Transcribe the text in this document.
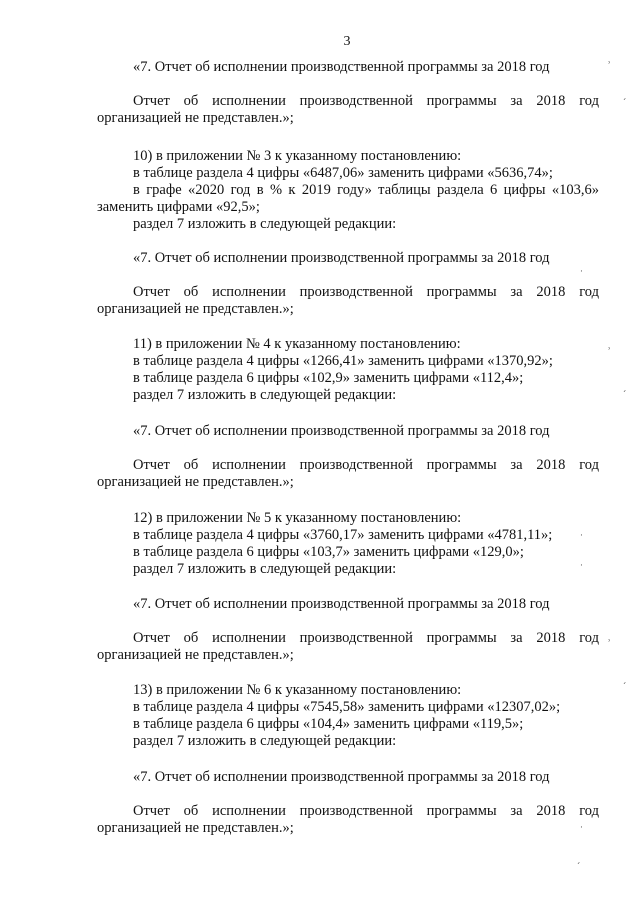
3
«7. Отчет об исполнении производственной программы за 2018 год
Отчет об исполнении производственной программы за 2018 год
организацией не представлен.»;
10) в приложении № 3 к указанному постановлению:
в таблице раздела 4 цифры «6487,06» заменить цифрами «5636,74»;
в графе «2020 год в % к 2019 году» таблицы раздела 6 цифры «103,6»
заменить цифрами «92,5»;
раздел 7 изложить в следующей редакции:
«7. Отчет об исполнении производственной программы за 2018 год
Отчет об исполнении производственной программы за 2018 год
организацией не представлен.»;
11) в приложении № 4 к указанному постановлению:
в таблице раздела 4 цифры «1266,41» заменить цифрами «1370,92»;
в таблице раздела 6 цифры «102,9» заменить цифрами «112,4»;
раздел 7 изложить в следующей редакции:
«7. Отчет об исполнении производственной программы за 2018 год
Отчет об исполнении производственной программы за 2018 год
организацией не представлен.»;
12) в приложении № 5 к указанному постановлению:
в таблице раздела 4 цифры «3760,17» заменить цифрами «4781,11»;
в таблице раздела 6 цифры «103,7» заменить цифрами «129,0»;
раздел 7 изложить в следующей редакции:
«7. Отчет об исполнении производственной программы за 2018 год
Отчет об исполнении производственной программы за 2018 год
организацией не представлен.»;
13) в приложении № 6 к указанному постановлению:
в таблице раздела 4 цифры «7545,58» заменить цифрами «12307,02»;
в таблице раздела 6 цифры «104,4» заменить цифрами «119,5»;
раздел 7 изложить в следующей редакции:
«7. Отчет об исполнении производственной программы за 2018 год
Отчет об исполнении производственной программы за 2018 год
организацией не представлен.»;
ʾ
ˏ
·
ʾ
ˏ
·
·
ʾ
ˏ
·
ˏ
